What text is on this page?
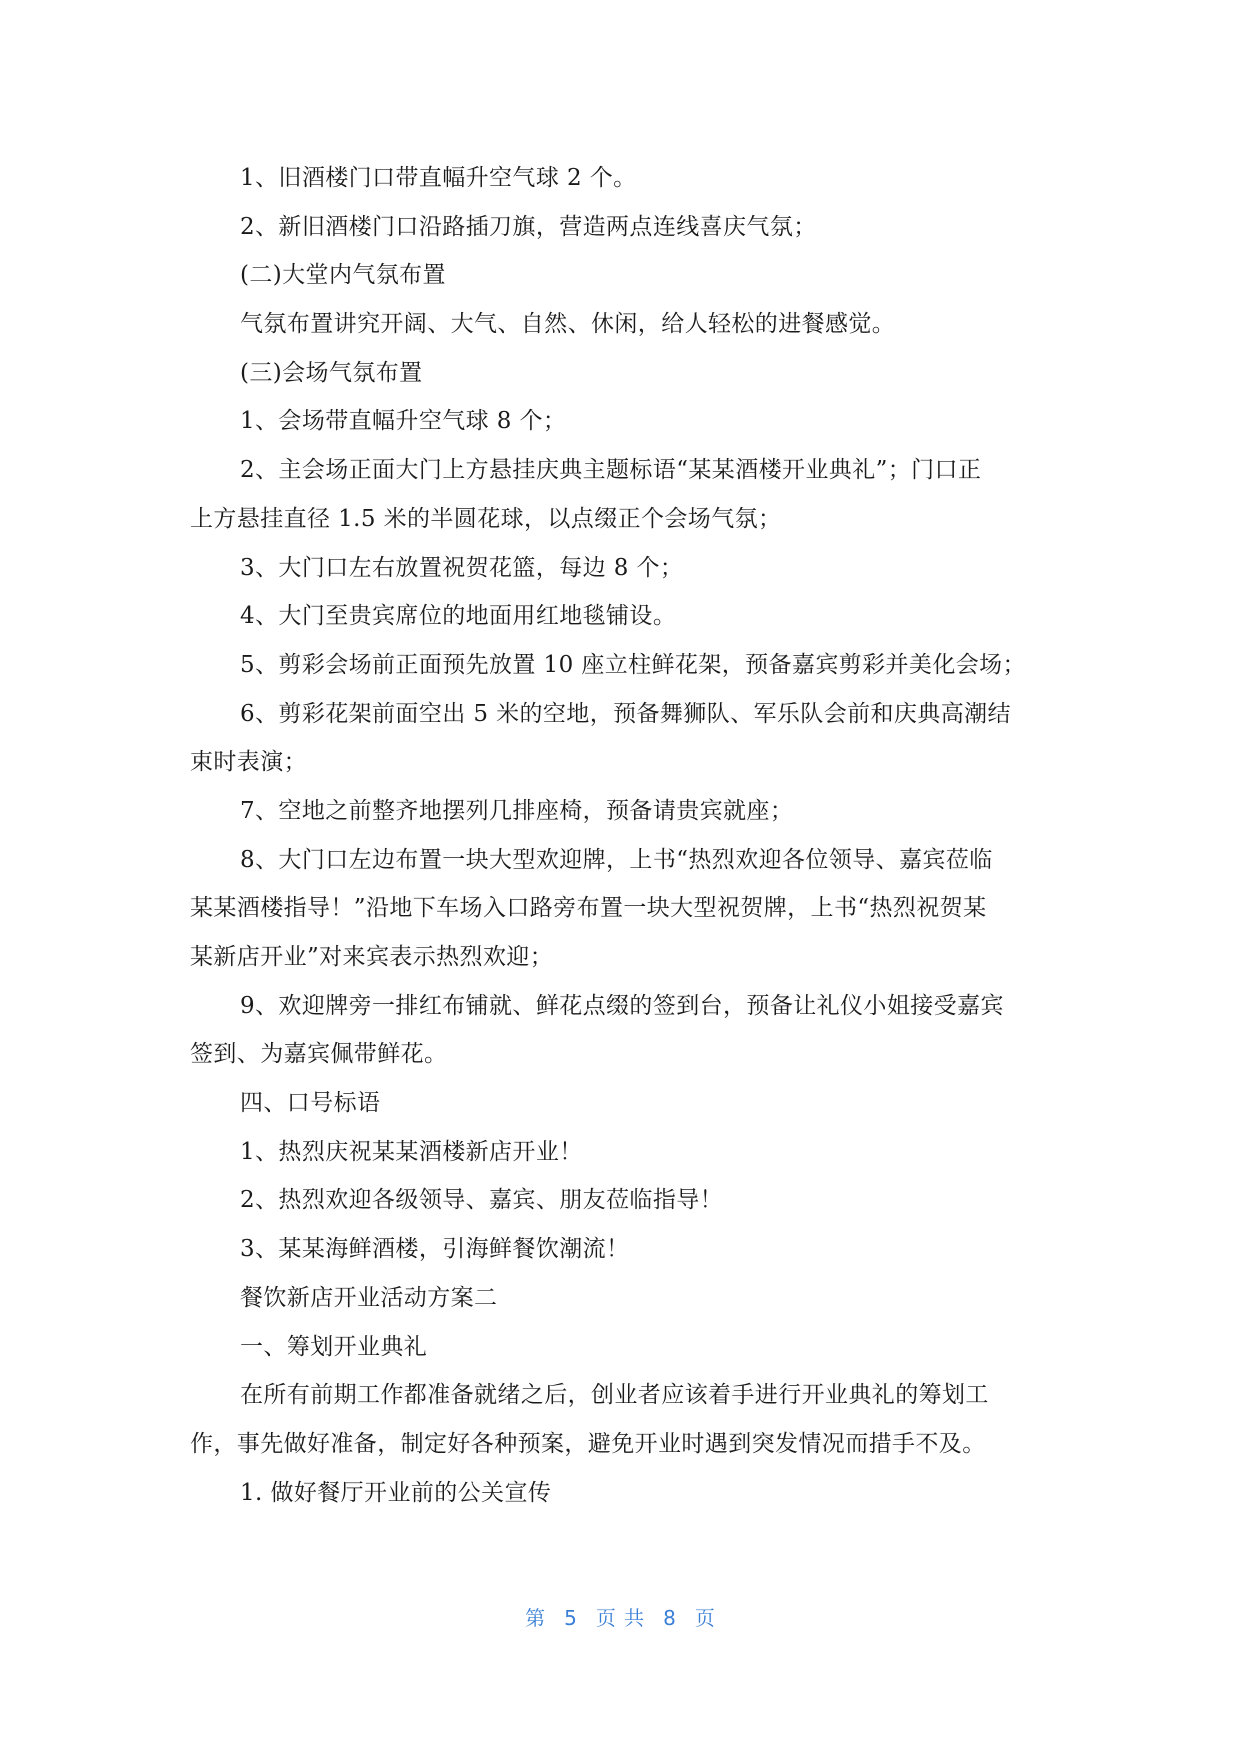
1、旧酒楼门口带直幅升空气球 2 个。
2、新旧酒楼门口沿路插刀旗，营造两点连线喜庆气氛；
(二)大堂内气氛布置
气氛布置讲究开阔、大气、自然、休闲，给人轻松的进餐感觉。
(三)会场气氛布置
1、会场带直幅升空气球 8 个；
2、主会场正面大门上方悬挂庆典主题标语“某某酒楼开业典礼”；门口正
上方悬挂直径 1.5 米的半圆花球，以点缀正个会场气氛；
3、大门口左右放置祝贺花篮，每边 8 个；
4、大门至贵宾席位的地面用红地毯铺设。
5、剪彩会场前正面预先放置 10 座立柱鲜花架，预备嘉宾剪彩并美化会场；
6、剪彩花架前面空出 5 米的空地，预备舞狮队、军乐队会前和庆典高潮结
束时表演；
7、空地之前整齐地摆列几排座椅，预备请贵宾就座；
8、大门口左边布置一块大型欢迎牌，上书“热烈欢迎各位领导、嘉宾莅临
某某酒楼指导！”沿地下车场入口路旁布置一块大型祝贺牌，上书“热烈祝贺某
某新店开业”对来宾表示热烈欢迎；
9、欢迎牌旁一排红布铺就、鲜花点缀的签到台，预备让礼仪小姐接受嘉宾
签到、为嘉宾佩带鲜花。
四、口号标语
1、热烈庆祝某某酒楼新店开业！
2、热烈欢迎各级领导、嘉宾、朋友莅临指导！
3、某某海鲜酒楼，引海鲜餐饮潮流！
餐饮新店开业活动方案二
一、筹划开业典礼
在所有前期工作都准备就绪之后，创业者应该着手进行开业典礼的筹划工
作，事先做好准备，制定好各种预案，避免开业时遇到突发情况而措手不及。
1. 做好餐厅开业前的公关宣传
第 5 页 共 8 页
